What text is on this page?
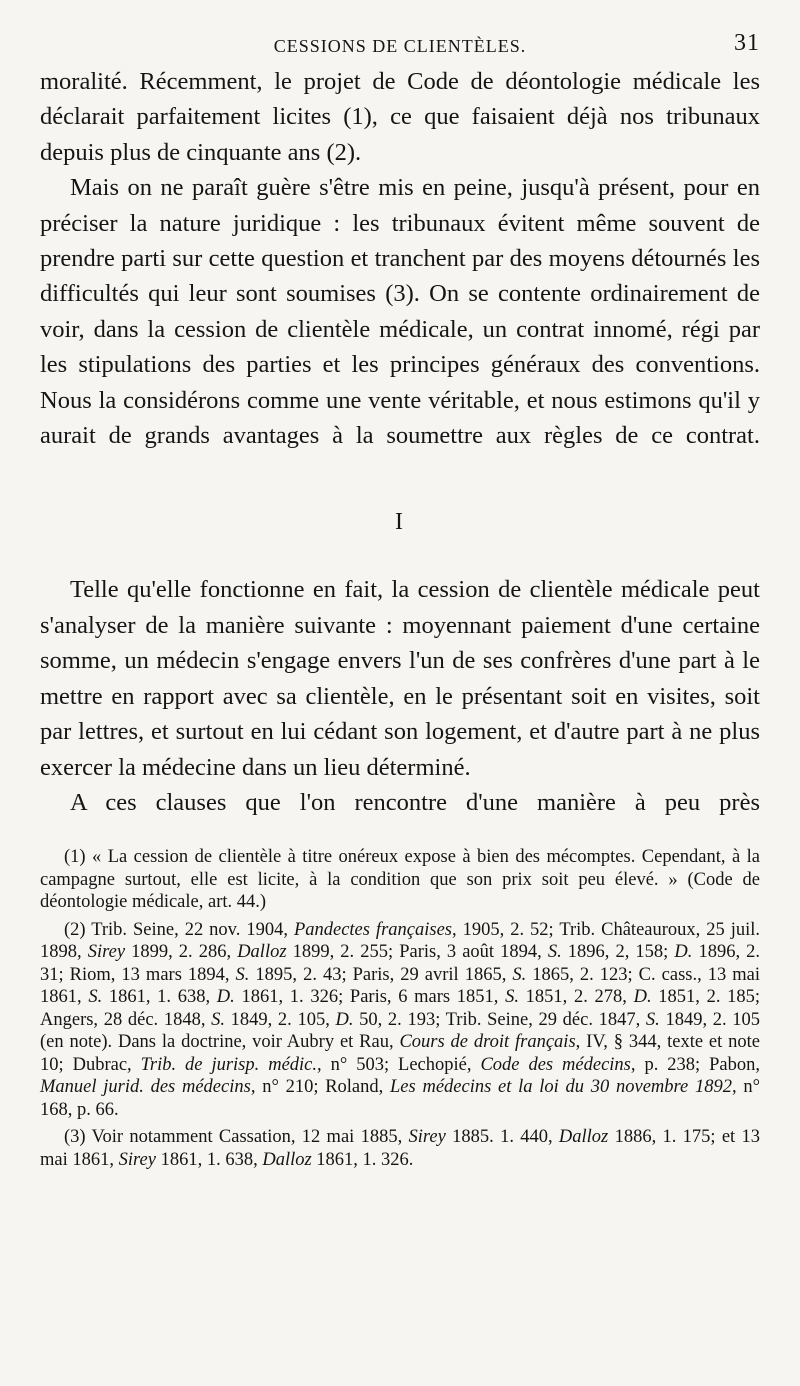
CESSIONS DE CLIENTÈLES.	31

moralité. Récemment, le projet de Code de déontologie médicale les déclarait parfaitement licites (1), ce que faisaient déjà nos tribunaux depuis plus de cinquante ans (2).

Mais on ne paraît guère s'être mis en peine, jusqu'à présent, pour en préciser la nature juridique : les tribunaux évitent même souvent de prendre parti sur cette question et tranchent par des moyens détournés les difficultés qui leur sont soumises (3). On se contente ordinairement de voir, dans la cession de clientèle médicale, un contrat innomé, régi par les stipulations des parties et les principes généraux des conventions. Nous la considérons comme une vente véritable, et nous estimons qu'il y aurait de grands avantages à la soumettre aux règles de ce contrat.

I

Telle qu'elle fonctionne en fait, la cession de clientèle médicale peut s'analyser de la manière suivante : moyennant paiement d'une certaine somme, un médecin s'engage envers l'un de ses confrères d'une part à le mettre en rapport avec sa clientèle, en le présentant soit en visites, soit par lettres, et surtout en lui cédant son logement, et d'autre part à ne plus exercer la médecine dans un lieu déterminé.

A ces clauses que l'on rencontre d'une manière à peu près

(1) « La cession de clientèle à titre onéreux expose à bien des mécomptes. Cependant, à la campagne surtout, elle est licite, à la condition que son prix soit peu élevé. » (Code de déontologie médicale, art. 44.)

(2) Trib. Seine, 22 nov. 1904, Pandectes françaises, 1905, 2. 52; Trib. Châteauroux, 25 juil. 1898, Sirey 1899, 2. 286, Dalloz 1899, 2. 255; Paris, 3 août 1894, S. 1896, 2, 158; D. 1896, 2. 31; Riom, 13 mars 1894, S. 1895, 2. 43; Paris, 29 avril 1865, S. 1865, 2. 123; C. cass., 13 mai 1861, S. 1861, 1. 638, D. 1861, 1. 326; Paris, 6 mars 1851, S. 1851, 2. 278, D. 1851, 2. 185; Angers, 28 déc. 1848, S. 1849, 2. 105, D. 50, 2. 193; Trib. Seine, 29 déc. 1847, S. 1849, 2. 105 (en note). Dans la doctrine, voir Aubry et Rau, Cours de droit français, IV, § 344, texte et note 10; Dubrac, Trib. de jurisp. médic., n° 503; Lechopié, Code des médecins, p. 238; Pabon, Manuel jurid. des médecins, n° 210; Roland, Les médecins et la loi du 30 novembre 1892, n° 168, p. 66.

(3) Voir notamment Cassation, 12 mai 1885, Sirey 1885. 1. 440, Dalloz 1886, 1. 175; et 13 mai 1861, Sirey 1861, 1. 638, Dalloz 1861, 1. 326.
